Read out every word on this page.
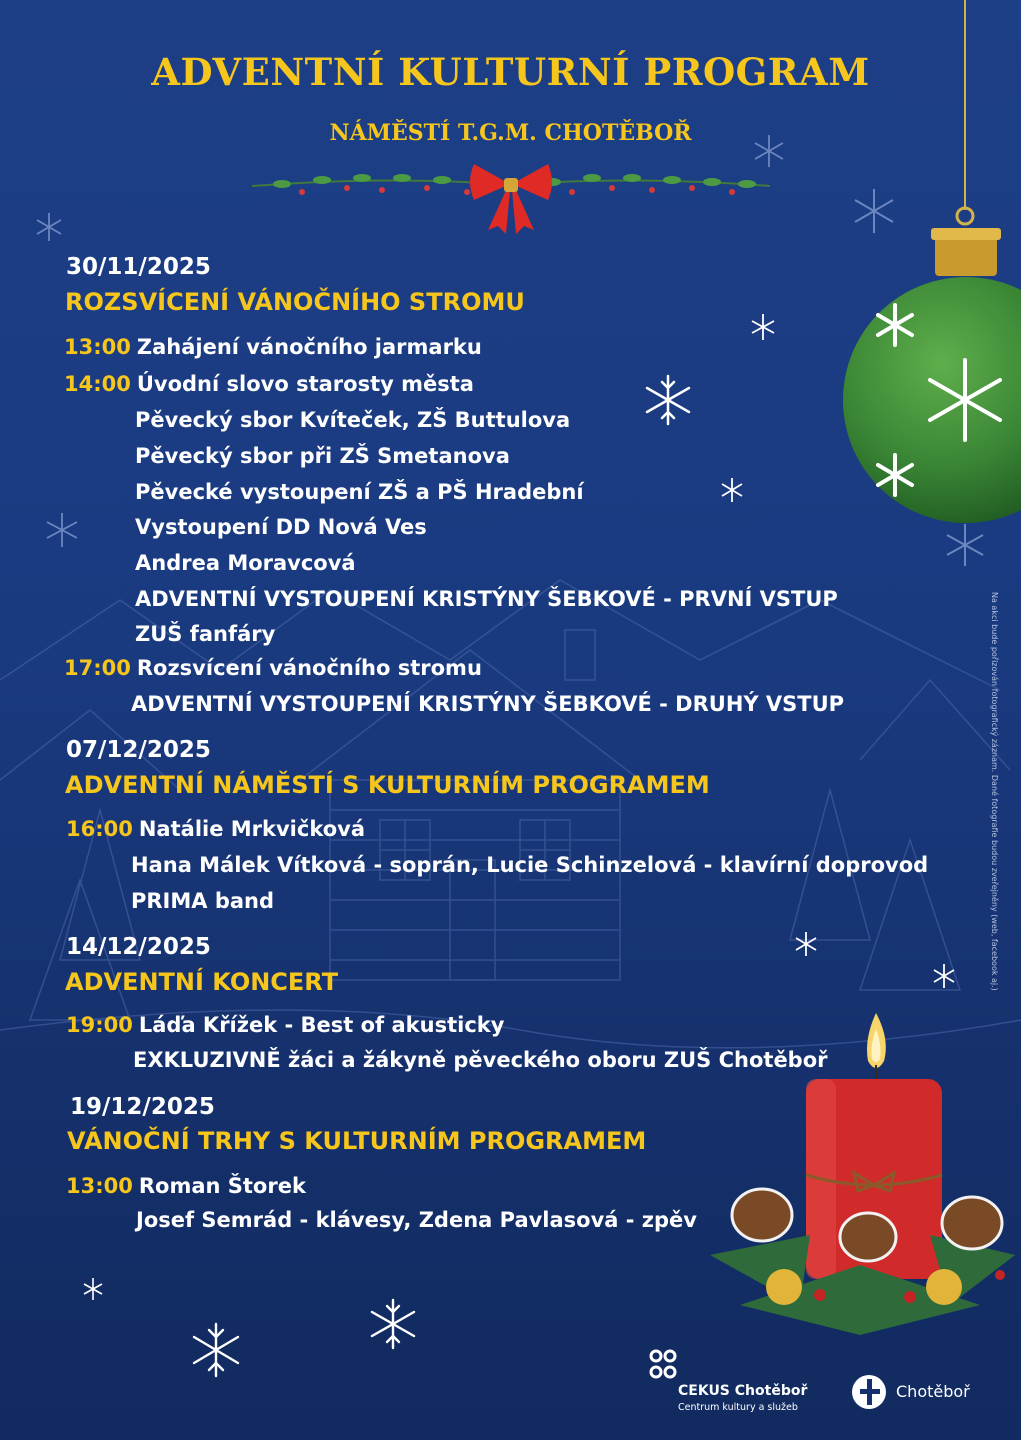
ADVENTNÍ KULTURNÍ PROGRAM
NÁMĚSTÍ T.G.M. CHOTĚBOŘ
30/11/2025
ROZSVÍCENÍ VÁNOČNÍHO STROMU
13:00 Zahájení vánočního jarmarku
14:00 Úvodní slovo starosty města
Pěvecký sbor Kvíteček, ZŠ Buttulova
Pěvecký sbor při ZŠ Smetanova
Pěvecké vystoupení ZŠ a PŠ Hradební
Vystoupení DD Nová Ves
Andrea Moravcová
ADVENTNÍ VYSTOUPENÍ KRISTÝNY ŠEBKOVÉ - PRVNÍ VSTUP
ZUŠ fanfáry
17:00 Rozsvícení vánočního stromu
ADVENTNÍ VYSTOUPENÍ KRISTÝNY ŠEBKOVÉ - DRUHÝ VSTUP
07/12/2025
ADVENTNÍ NÁMĚSTÍ S KULTURNÍM PROGRAMEM
16:00 Natálie Mrkvičková
Hana Málek Vítková - soprán, Lucie Schinzelová - klavírní doprovod
PRIMA band
14/12/2025
ADVENTNÍ KONCERT
19:00 Láďa Křížek - Best of akusticky
EXKLUZIVNĚ žáci a žákyně pěveckého oboru ZUŠ Chotěboř
19/12/2025
VÁNOČNÍ TRHY S KULTURNÍM PROGRAMEM
13:00 Roman Štorek
Josef Semrád - klávesy, Zdena Pavlasová - zpěv
Na akci bude pořizován fotografický záznam. Dané fotografie budou zveřejněny (web, facebook aj.)
CEKUS Chotěboř
Centrum kultury a služeb
Chotěboř
